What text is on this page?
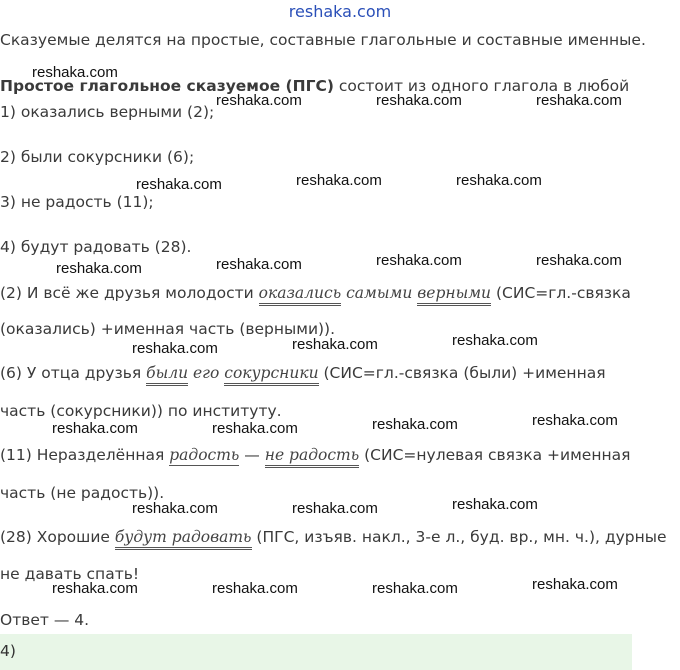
reshaka.com
Сказуемые делятся на простые, составные глагольные и составные именные.
Простое глагольное сказуемое (ПГС) состоит из одного глагола в любой
1) оказались верными (2);
2) были сокурсники (6);
3) не радость (11);
4) будут радовать (28).
(2) И всё же друзья молодости оказались самыми верными (СИС=гл.-связка
(оказались) +именная часть (верными)).
(6) У отца друзья были его сокурсники (СИС=гл.-связка (были) +именная
часть (сокурсники)) по институту.
(11) Неразделённая радость — не радость (СИС=нулевая связка +именная
часть (не радость)).
(28) Хорошие будут радовать (ПГС, изъяв. накл., 3-е л., буд. вр., мн. ч.), дурные
не давать спать!
Ответ — 4.
4)
reshaka.com
reshaka.com	reshaka.com	reshaka.com
reshaka.com	reshaka.com	reshaka.com
reshaka.com	reshaka.com	reshaka.com	reshaka.com
reshaka.com	reshaka.com	reshaka.com
reshaka.com	reshaka.com	reshaka.com	reshaka.com
reshaka.com	reshaka.com	reshaka.com
reshaka.com	reshaka.com	reshaka.com	reshaka.com
